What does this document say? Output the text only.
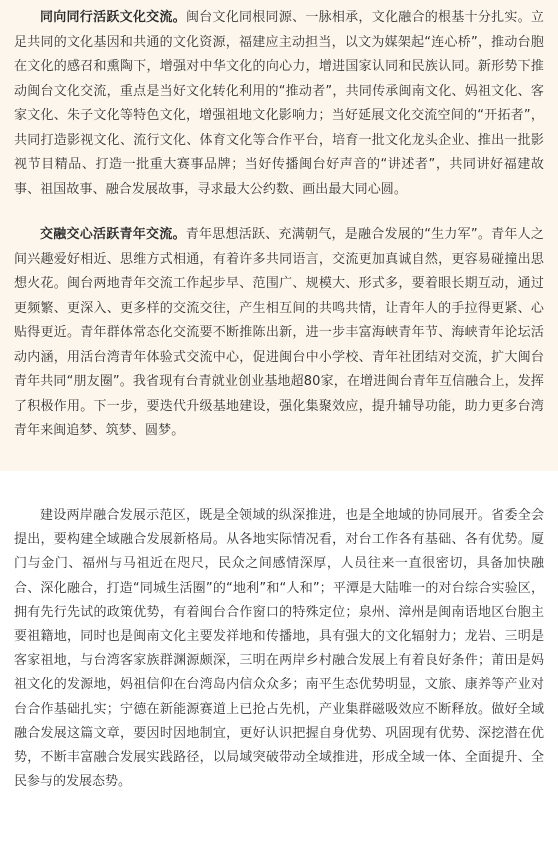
同向同行活跃文化交流。闽台文化同根同源、一脉相承，文化融合的根基十分扎实。立足共同的文化基因和共通的文化资源，福建应主动担当，以文为媒架起“连心桥”，推动台胞在文化的感召和熏陶下，增强对中华文化的向心力，增进国家认同和民族认同。新形势下推动闽台文化交流，重点是当好文化转化利用的“推动者”，共同传承闽南文化、妈祖文化、客家文化、朱子文化等特色文化，增强祖地文化影响力；当好延展文化交流空间的“开拓者”，共同打造影视文化、流行文化、体育文化等合作平台，培育一批文化龙头企业、推出一批影视节目精品、打造一批重大赛事品牌；当好传播闽台好声音的“讲述者”，共同讲好福建故事、祖国故事、融合发展故事，寻求最大公约数、画出最大同心圆。

交融交心活跃青年交流。青年思想活跃、充满朝气，是融合发展的“生力军”。青年人之间兴趣爱好相近、思维方式相通，有着许多共同语言，交流更加真诚自然，更容易碰撞出思想火花。闽台两地青年交流工作起步早、范围广、规模大、形式多，要着眼长期互动，通过更频繁、更深入、更多样的交流交往，产生相互间的共鸣共情，让青年人的手拉得更紧、心贴得更近。青年群体常态化交流要不断推陈出新，进一步丰富海峡青年节、海峡青年论坛活动内涵，用活台湾青年体验式交流中心，促进闽台中小学校、青年社团结对交流，扩大闽台青年共同“朋友圈”。我省现有台青就业创业基地超80家，在增进闽台青年互信融合上，发挥了积极作用。下一步，要迭代升级基地建设，强化集聚效应，提升辅导功能，助力更多台湾青年来闽追梦、筑梦、圆梦。

建设两岸融合发展示范区，既是全领域的纵深推进，也是全地域的协同展开。省委全会提出，要构建全域融合发展新格局。从各地实际情况看，对台工作各有基础、各有优势。厦门与金门、福州与马祖近在咫尺，民众之间感情深厚，人员往来一直很密切，具备加快融合、深化融合，打造“同城生活圈”的“地利”和“人和”；平潭是大陆唯一的对台综合实验区，拥有先行先试的政策优势，有着闽台合作窗口的特殊定位；泉州、漳州是闽南语地区台胞主要祖籍地，同时也是闽南文化主要发祥地和传播地，具有强大的文化辐射力；龙岩、三明是客家祖地，与台湾客家族群渊源颇深，三明在两岸乡村融合发展上有着良好条件；莆田是妈祖文化的发源地，妈祖信仰在台湾岛内信众众多；南平生态优势明显，文旅、康养等产业对台合作基础扎实；宁德在新能源赛道上已抢占先机，产业集群磁吸效应不断释放。做好全域融合发展这篇文章，要因时因地制宜，更好认识把握自身优势、巩固现有优势、深挖潜在优势，不断丰富融合发展实践路径，以局域突破带动全域推进，形成全域一体、全面提升、全民参与的发展态势。
